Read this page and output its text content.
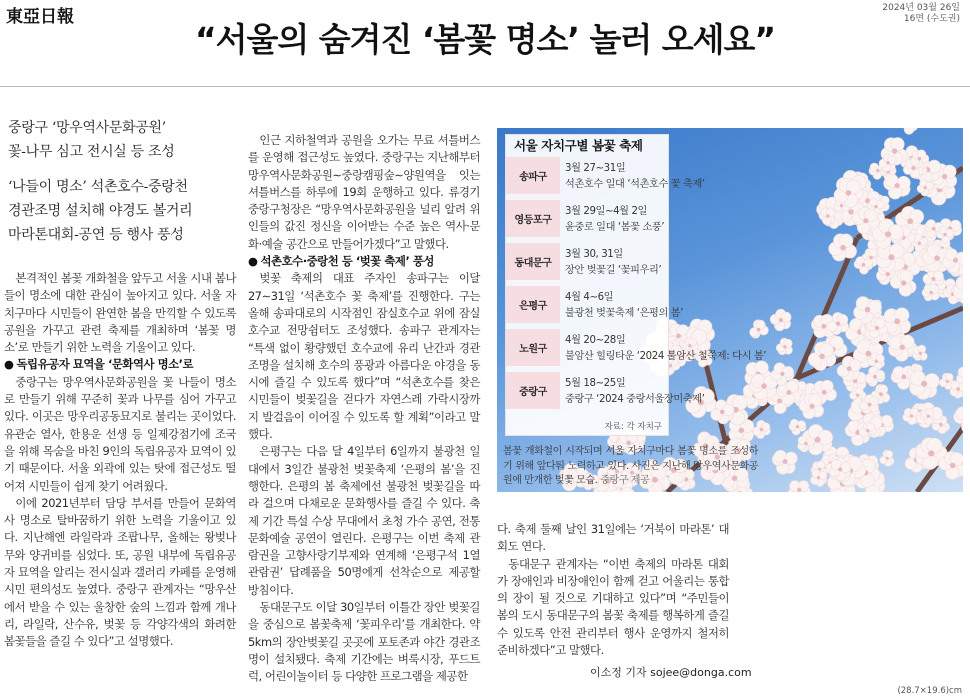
東亞日報	2024년 03월 26일
16면 (수도권)
“서울의 숨겨진 ‘봄꽃 명소’ 놀러 오세요”

중랑구 ‘망우역사문화공원’

꽃-나무 심고 전시실 등 조성

‘나들이 명소’ 석촌호수-중랑천

경관조명 설치해 야경도 볼거리

마라톤대회-공연 등 행사 풍성

본격적인 봄꽃 개화철을 앞두고 서울 시내 봄나들이 명소에 대한 관심이 높아지고 있다. 서울 자치구마다 시민들이 완연한 봄을 만끽할 수 있도록 공원을 가꾸고 관련 축제를 개최하며 ‘봄꽃 명소’로 만들기 위한 노력을 기울이고 있다.

● 독립유공자 묘역을 ‘문화역사 명소’로

중랑구는 망우역사문화공원을 꽃 나들이 명소로 만들기 위해 꾸준히 꽃과 나무를 심어 가꾸고 있다. 이곳은 망우리공동묘지로 불리는 곳이었다. 유관순 열사, 한용운 선생 등 일제강점기에 조국을 위해 목숨을 바친 9인의 독립유공자 묘역이 있기 때문이다. 서울 외곽에 있는 탓에 접근성도 떨어져 시민들이 쉽게 찾기 어려웠다.

이에 2021년부터 담당 부서를 만들어 문화역사 명소로 탈바꿈하기 위한 노력을 기울이고 있다. 지난해엔 라일락과 조팝나무, 올해는 왕벚나무와 양귀비를 심었다. 또, 공원 내부에 독립유공자 묘역을 알리는 전시실과 갤러리 카페를 운영해 시민 편의성도 높였다. 중랑구 관계자는 “망우산에서 받을 수 있는 울창한 숲의 느낌과 함께 개나리, 라일락, 산수유, 벚꽃 등 각양각색의 화려한 봄꽃들을 즐길 수 있다”고 설명했다.

인근 지하철역과 공원을 오가는 무료 셔틀버스를 운영해 접근성도 높였다. 중랑구는 지난해부터 망우역사문화공원∼중랑캠핑숲∼양원역을 잇는 셔틀버스를 하루에 19회 운행하고 있다. 류경기 중랑구청장은 “망우역사문화공원을 널리 알려 위인들의 값진 정신을 이어받는 수준 높은 역사·문화·예술 공간으로 만들어가겠다”고 말했다.

● 석촌호수·중랑천 등 ‘벚꽃 축제’ 풍성

벚꽃 축제의 대표 주자인 송파구는 이달 27∼31일 ‘석촌호수 꽃 축제’를 진행한다. 구는 올해 송파대로의 시작점인 잠실호수교 위에 잠실호수교 전망쉼터도 조성했다. 송파구 관계자는 “특색 없이 황량했던 호수교에 유리 난간과 경관조명을 설치해 호수의 풍광과 아름다운 야경을 동시에 즐길 수 있도록 했다”며 “석촌호수를 찾은 시민들이 벚꽃길을 걷다가 자연스레 가락시장까지 발걸음이 이어질 수 있도록 할 계획”이라고 말했다.

은평구는 다음 달 4일부터 6일까지 불광천 일대에서 3일간 불광천 벚꽃축제 ‘은평의 봄’을 진행한다. 은평의 봄 축제에선 불광천 벚꽃길을 따라 걸으며 다채로운 문화행사를 즐길 수 있다. 축제 기간 특설 수상 무대에서 초청 가수 공연, 전통문화예술 공연이 열린다. 은평구는 이번 축제 관람권을 고향사랑기부제와 연계해 ‘은평구석 1열 관람권’ 답례품을 50명에게 선착순으로 제공할 방침이다.

동대문구도 이달 30일부터 이틀간 장안 벚꽃길을 중심으로 봄꽃축제 ‘꽃피우리’를 개최한다. 약 5km의 장안벚꽃길 곳곳에 포토존과 야간 경관조명이 설치됐다. 축제 기간에는 벼룩시장, 푸드트럭, 어린이놀이터 등 다양한 프로그램을 제공한

다. 축제 둘째 날인 31일에는 ‘거북이 마라톤’ 대회도 연다.

동대문구 관계자는 “이번 축제의 마라톤 대회가 장애인과 비장애인이 함께 걷고 어울리는 통합의 장이 될 것으로 기대하고 있다”며 “주민들이 봄의 도시 동대문구의 봄꽃 축제를 행복하게 즐길 수 있도록 안전 관리부터 행사 운영까지 철저히 준비하겠다”고 말했다.

서울 자치구별 봄꽃 축제
송파구
3월 27∼31일
석촌호수 일대 ‘석촌호수 꽃 축제’
영등포구
3월 29일∼4월 2일
윤중로 일대 ‘봄꽃 소풍’
동대문구
3월 30, 31일
장안 벚꽃길 ‘꽃피우리’
은평구
4월 4∼6일
불광천 벚꽃축제 ‘은평의 봄’
노원구
4월 20∼28일
불암산 힐링타운 ‘2024 불암산 철쭉제: 다시 봄’
중랑구
5월 18∼25일
중랑구 ‘2024 중랑서울장미축제’
자료: 각 자치구
봄꽃 개화철이 시작되며 서울 자치구마다 봄꽃 명소를 조성하기 위해 앞다퉈 노력하고 있다. 사진은 지난해 망우역사문화공원에 만개한 벚꽃 모습. 중랑구 제공
이소정 기자 sojee@donga.com
(28.7×19.6)cm
